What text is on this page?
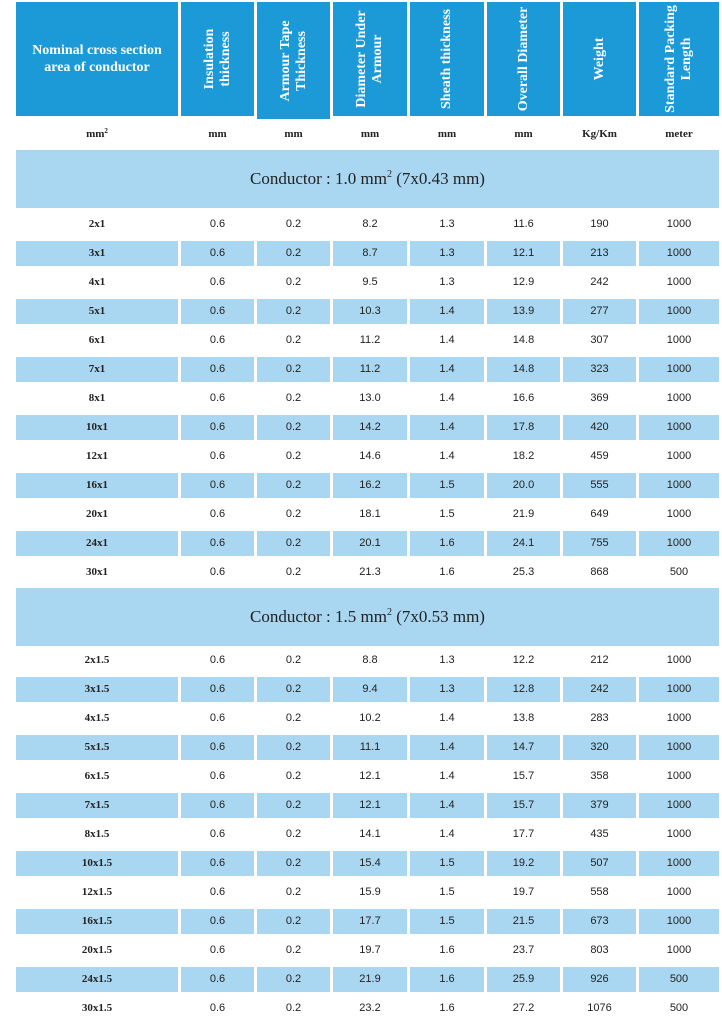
Nominal cross section area of conductor	Insulation thickness	Armour Tape Thickness	Diameter Under Armour	Sheath thickness	Overall Diameter	Weight	Standard Packing Length
$mm^2$	mm	mm	mm	mm	mm	Kg/Km	meter
Conductor : 1.0 $mm^2$ (7x0.43 mm)
2x1	0.6	0.2	8.2	1.3	11.6	190	1000
3x1	0.6	0.2	8.7	1.3	12.1	213	1000
4x1	0.6	0.2	9.5	1.3	12.9	242	1000
5x1	0.6	0.2	10.3	1.4	13.9	277	1000
6x1	0.6	0.2	11.2	1.4	14.8	307	1000
7x1	0.6	0.2	11.2	1.4	14.8	323	1000
8x1	0.6	0.2	13.0	1.4	16.6	369	1000
10x1	0.6	0.2	14.2	1.4	17.8	420	1000
12x1	0.6	0.2	14.6	1.4	18.2	459	1000
16x1	0.6	0.2	16.2	1.5	20.0	555	1000
20x1	0.6	0.2	18.1	1.5	21.9	649	1000
24x1	0.6	0.2	20.1	1.6	24.1	755	1000
30x1	0.6	0.2	21.3	1.6	25.3	868	500
Conductor : 1.5 $mm^2$ (7x0.53 mm)
2x1.5	0.6	0.2	8.8	1.3	12.2	212	1000
3x1.5	0.6	0.2	9.4	1.3	12.8	242	1000
4x1.5	0.6	0.2	10.2	1.4	13.8	283	1000
5x1.5	0.6	0.2	11.1	1.4	14.7	320	1000
6x1.5	0.6	0.2	12.1	1.4	15.7	358	1000
7x1.5	0.6	0.2	12.1	1.4	15.7	379	1000
8x1.5	0.6	0.2	14.1	1.4	17.7	435	1000
10x1.5	0.6	0.2	15.4	1.5	19.2	507	1000
12x1.5	0.6	0.2	15.9	1.5	19.7	558	1000
16x1.5	0.6	0.2	17.7	1.5	21.5	673	1000
20x1.5	0.6	0.2	19.7	1.6	23.7	803	1000
24x1.5	0.6	0.2	21.9	1.6	25.9	926	500
30x1.5	0.6	0.2	23.2	1.6	27.2	1076	500
